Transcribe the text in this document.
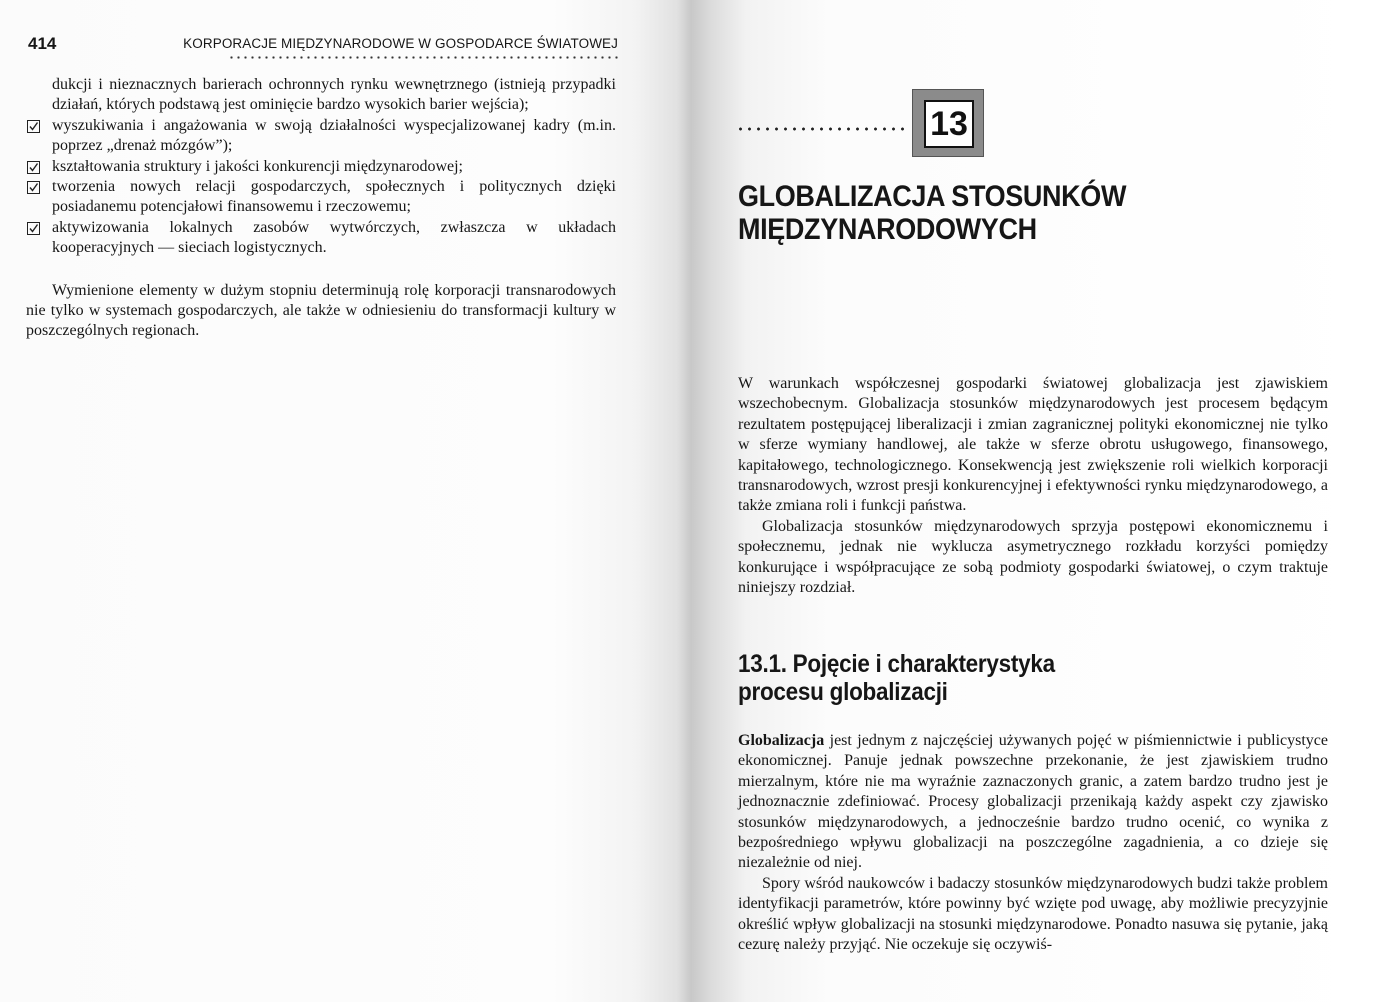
414	KORPORACJE MIĘDZYNARODOWE W GOSPODARCE ŚWIATOWEJ

dukcji i nieznacznych barierach ochronnych rynku wewnętrznego (istnieją przypadki działań, których podstawą jest ominięcie bardzo wysokich barier wejścia);

wyszukiwania i angażowania w swoją działalności wyspecjalizowanej kadry (m.in. poprzez „drenaż mózgów”);
kształtowania struktury i jakości konkurencji międzynarodowej;
tworzenia nowych relacji gospodarczych, społecznych i politycznych dzięki posiadanemu potencjałowi finansowemu i rzeczowemu;
aktywizowania lokalnych zasobów wytwórczych, zwłaszcza w układach kooperacyjnych — sieciach logistycznych.

Wymienione elementy w dużym stopniu determinują rolę korporacji transnarodowych nie tylko w systemach gospodarczych, ale także w odniesieniu do transformacji kultury w poszczególnych regionach.

13
GLOBALIZACJA STOSUNKÓW
MIĘDZYNARODOWYCH

W warunkach współczesnej gospodarki światowej globalizacja jest zjawiskiem wszechobecnym. Globalizacja stosunków międzynarodowych jest procesem będącym rezultatem postępującej liberalizacji i zmian zagranicznej polityki ekonomicznej nie tylko w sferze wymiany handlowej, ale także w sferze obrotu usługowego, finansowego, kapitałowego, technologicznego. Konsekwencją jest zwiększenie roli wielkich korporacji transnarodowych, wzrost presji konkurencyjnej i efektywności rynku międzynarodowego, a także zmiana roli i funkcji państwa.

Globalizacja stosunków międzynarodowych sprzyja postępowi ekonomicznemu i społecznemu, jednak nie wyklucza asymetrycznego rozkładu korzyści pomiędzy konkurujące i współpracujące ze sobą podmioty gospodarki światowej, o czym traktuje niniejszy rozdział.

13.1. Pojęcie i charakterystyka
procesu globalizacji

Globalizacja jest jednym z najczęściej używanych pojęć w piśmiennictwie i publicystyce ekonomicznej. Panuje jednak powszechne przekonanie, że jest zjawiskiem trudno mierzalnym, które nie ma wyraźnie zaznaczonych granic, a zatem bardzo trudno jest je jednoznacznie zdefiniować. Procesy globalizacji przenikają każdy aspekt czy zjawisko stosunków międzynarodowych, a jednocześnie bardzo trudno ocenić, co wynika z bezpośredniego wpływu globalizacji na poszczególne zagadnienia, a co dzieje się niezależnie od niej.

Spory wśród naukowców i badaczy stosunków międzynarodowych budzi także problem identyfikacji parametrów, które powinny być wzięte pod uwagę, aby możliwie precyzyjnie określić wpływ globalizacji na stosunki międzynarodowe. Ponadto nasuwa się pytanie, jaką cezurę należy przyjąć. Nie oczekuje się oczywiś-
